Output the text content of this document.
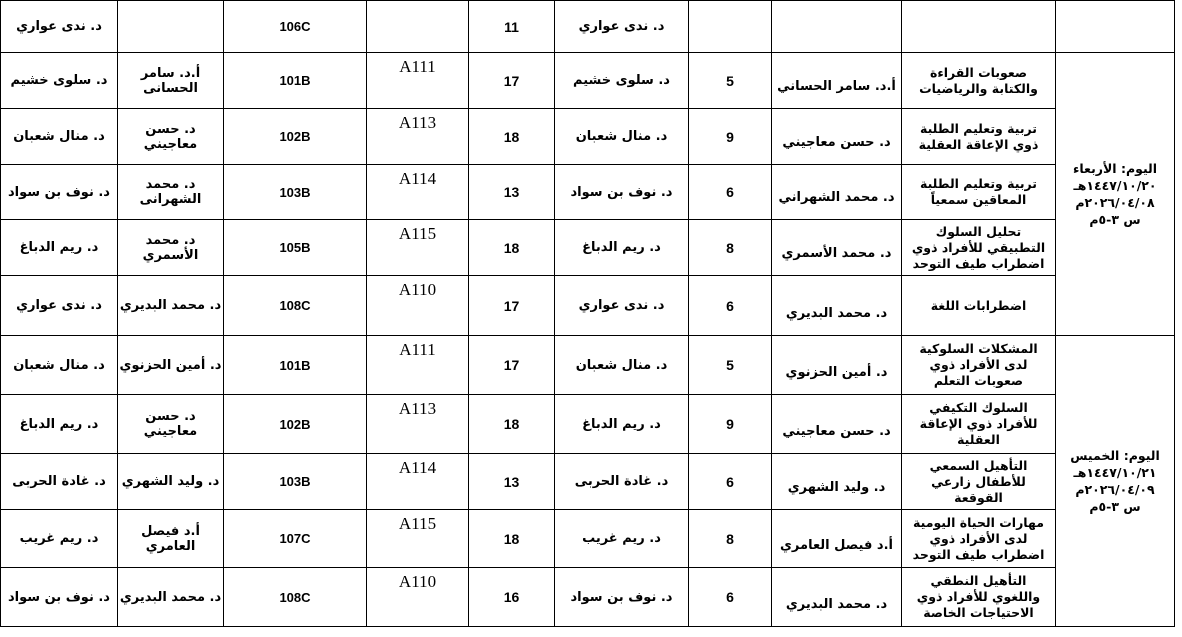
				د. ندى عواري	11		106C		د. ندى عواري

اليوم: الأربعاء
١٤٤٧/١٠/٢٠هـ
٢٠٢٦/٠٤/٠٨م
س ٣-٥م	صعوبات القراءة والكتابة والرياضيات	أ.د. سامر الحساني	5	د. سلوى خشيم	17	A111	101B	أ.د. سامر الحسانى	د. سلوى خشيم
	تربية وتعليم الطلبة ذوي الإعاقة العقلية	د. حسن معاجيني	9	د. منال شعبان	18	A113	102B	د. حسن معاجيني	د. منال شعبان
	تربية وتعليم الطلبة المعاقين سمعياً	د. محمد الشهراني	6	د. نوف بن سواد	13	A114	103B	د. محمد الشهرانى	د. نوف بن سواد
	تحليل السلوك التطبيقي للأفراد ذوي اضطراب طيف التوحد	د. محمد الأسمري	8	د. ريم الدباغ	18	A115	105B	د. محمد الأسمري	د. ريم الدباغ
	اضطرابات اللغة	د. محمد البديري	6	د. ندى عواري	17	A110	108C	د. محمد البديري	د. ندى عواري

اليوم: الخميس
١٤٤٧/١٠/٢١هـ
٢٠٢٦/٠٤/٠٩م
س ٣-٥م	المشكلات السلوكية لدى الأفراد ذوي صعوبات التعلم	د. أمين الحزنوي	5	د. منال شعبان	17	A111	101B	د. أمين الحزنوي	د. منال شعبان
	السلوك التكيفي للأفراد ذوي الإعاقة العقلية	د. حسن معاجيني	9	د. ريم الدباغ	18	A113	102B	د. حسن معاجيني	د. ريم الدباغ
	التأهيل السمعي للأطفال زارعي القوقعة	د. وليد الشهري	6	د. غادة الحربى	13	A114	103B	د. وليد الشهري	د. غادة الحربى
	مهارات الحياة اليومية لدى الأفراد ذوي اضطراب طيف التوحد	أ.د فيصل العامري	8	د. ريم غريب	18	A115	107C	أ.د فيصل العامري	د. ريم غريب
	التأهيل النطقي واللغوي للأفراد ذوي الاحتياجات الخاصة	د. محمد البديري	6	د. نوف بن سواد	16	A110	108C	د. محمد البديري	د. نوف بن سواد
